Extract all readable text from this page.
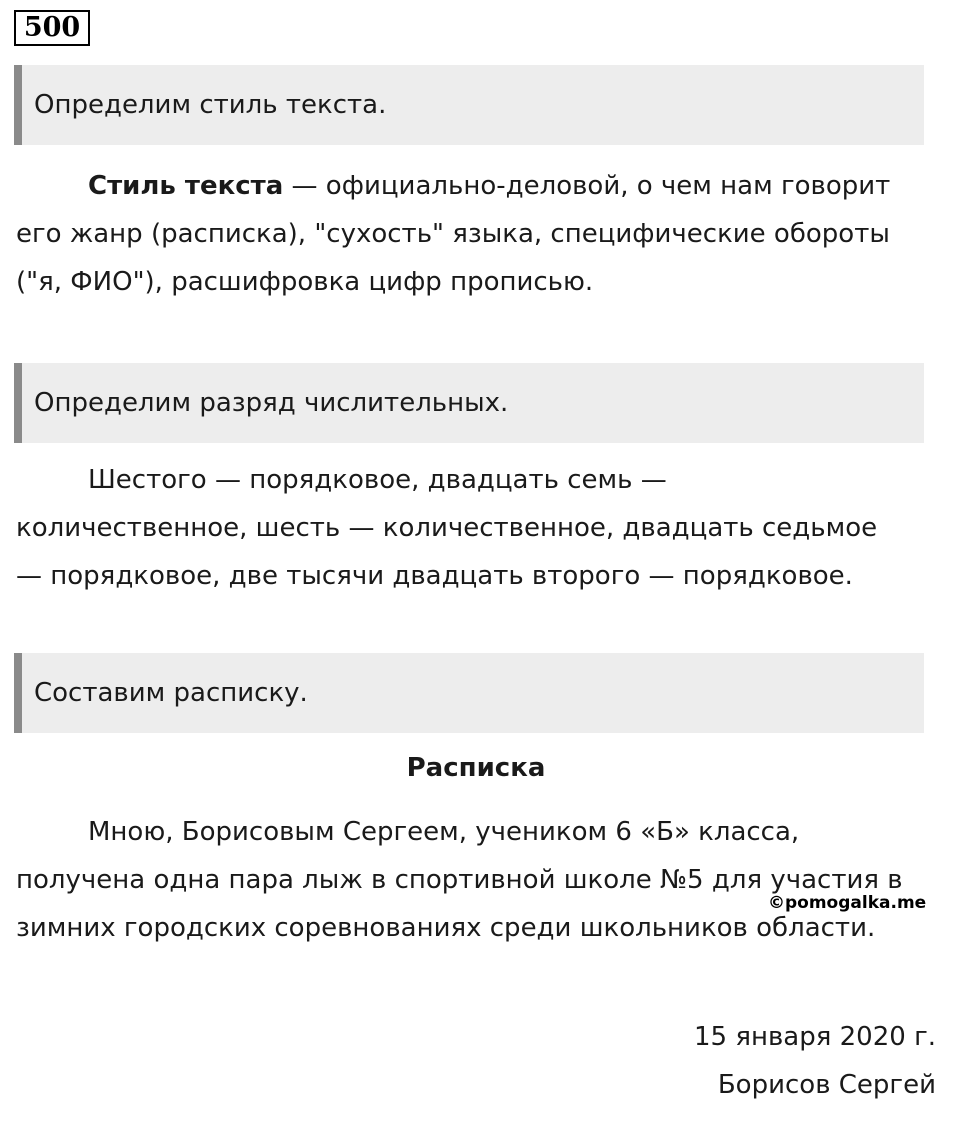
500
Определим стиль текста.
Стиль текста — официально-деловой, о чем нам говорит его жанр (расписка), "сухость" языка, специфические обороты ("я, ФИО"), расшифровка цифр прописью.
Определим разряд числительных.
Шестого — порядковое, двадцать семь — количественное, шесть — количественное, двадцать седьмое — порядковое, две тысячи двадцать второго — порядковое.
Составим расписку.
Расписка
Мною, Борисовым Сергеем, учеником 6 «Б» класса, получена одна пара лыж в спортивной школе №5 для участия в зимних городских соревнованиях среди школьников области.
©pomogalka.me
15 января 2020 г.
Борисов Сергей
